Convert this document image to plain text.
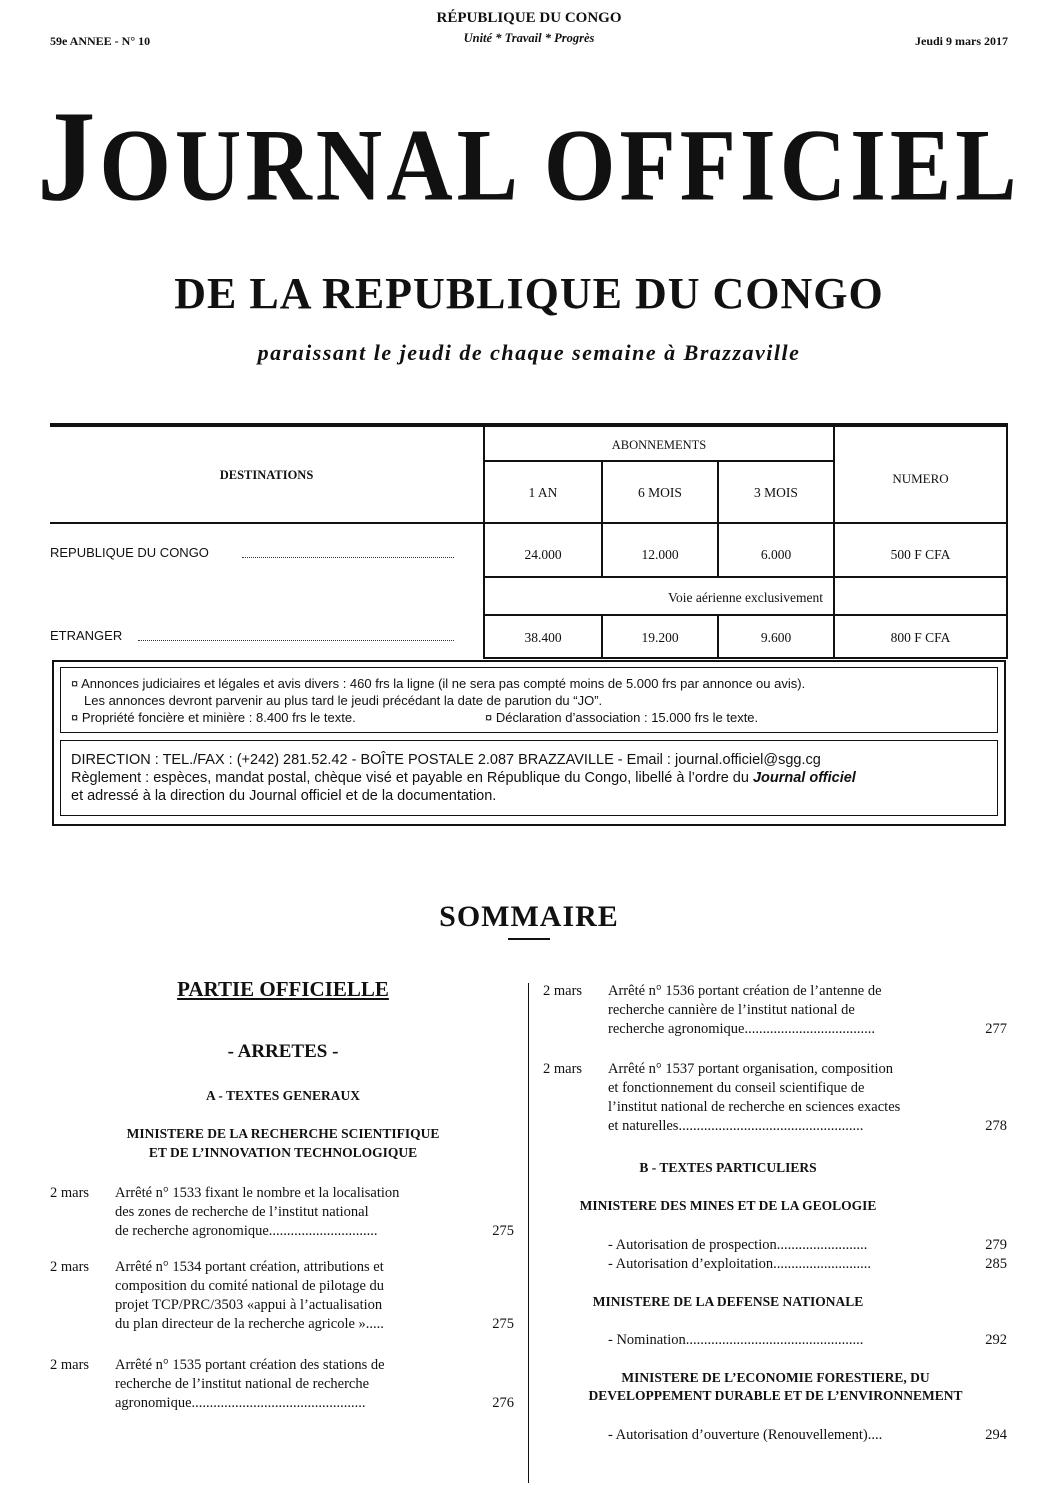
59e ANNEE - N° 10
RÉPUBLIQUE DU CONGO
Unité * Travail * Progrès	Jeudi 9 mars 2017
JOURNAL OFFICIEL
DE LA REPUBLIQUE DU CONGO
paraissant le jeudi de chaque semaine à Brazzaville
DESTINATIONS
ABONNEMENTS
NUMERO
1 AN	6 MOIS	3 MOIS
REPUBLIQUE DU CONGO	24.000	12.000	6.000	500 F CFA
Voie aérienne exclusivement
ETRANGER	38.400	19.200	9.600	800 F CFA
¤ Annonces judiciaires et légales et avis divers : 460 frs la ligne (il ne sera pas compté moins de 5.000 frs par annonce ou avis).
Les annonces devront parvenir au plus tard le jeudi précédant la date de parution du “JO”.
¤ Propriété foncière et minière : 8.400 frs le texte.	¤ Déclaration d’association : 15.000 frs le texte.
DIRECTION : TEL./FAX : (+242) 281.52.42 - BOÎTE POSTALE 2.087 BRAZZAVILLE - Email : journal.officiel@sgg.cg
Règlement : espèces, mandat postal, chèque visé et payable en République du Congo, libellé à l’ordre du Journal officiel
et adressé à la direction du Journal officiel et de la documentation.
SOMMAIRE
PARTIE OFFICIELLE
- ARRETES -
A - TEXTES GENERAUX
MINISTERE DE LA RECHERCHE SCIENTIFIQUE
ET DE L’INNOVATION TECHNOLOGIQUE
2 mars Arrêté n° 1533 fixant le nombre et la localisation
des zones de recherche de l’institut national
de recherche agronomique..............................	275
2 mars Arrêté n° 1534 portant création, attributions et
composition du comité national de pilotage du
projet TCP/PRC/3503 «appui à l’actualisation
du plan directeur de la recherche agricole ».....	275
2 mars Arrêté n° 1535 portant création des stations de
recherche de l’institut national de recherche
agronomique................................................	276
2 mars Arrêté n° 1536 portant création de l’antenne de
recherche cannière de l’institut national de
recherche agronomique....................................	277
2 mars Arrêté n° 1537 portant organisation, composition
et fonctionnement du conseil scientifique de
l’institut national de recherche en sciences exactes
et naturelles...................................................	278
B - TEXTES PARTICULIERS
MINISTERE DES MINES ET DE LA GEOLOGIE
- Autorisation de prospection.........................	279
- Autorisation d’exploitation...........................	285
MINISTERE DE LA DEFENSE NATIONALE
- Nomination.................................................	292
MINISTERE DE L’ECONOMIE FORESTIERE, DU
DEVELOPPEMENT DURABLE ET DE L’ENVIRONNEMENT
- Autorisation d’ouverture (Renouvellement)....	294
